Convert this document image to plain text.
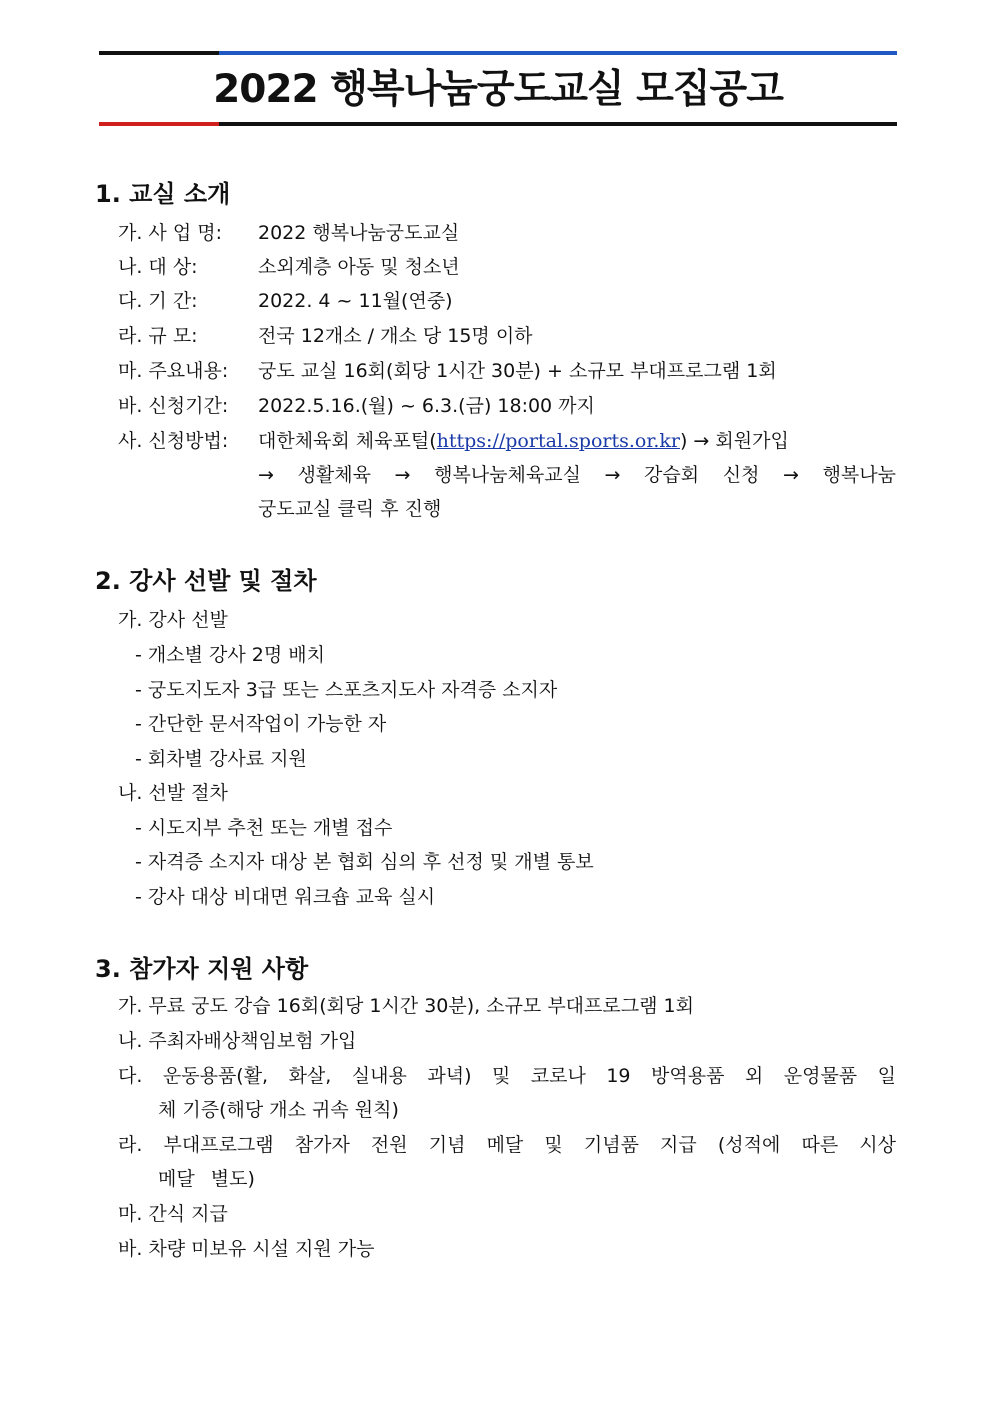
2022 행복나눔궁도교실 모집공고
1. 교실 소개
가. 사 업 명: 2022 행복나눔궁도교실
나. 대 상:	소외계층 아동 및 청소년
다. 기 간:	2022. 4 ~ 11월(연중)
라. 규 모:	전국 12개소 / 개소 당 15명 이하
마. 주요내용: 궁도 교실 16회(회당 1시간 30분) + 소규모 부대프로그램 1회
바. 신청기간: 2022.5.16.(월) ~ 6.3.(금) 18:00 까지
사. 신청방법: 대한체육회 체육포털(https://portal.sports.or.kr) → 회원가입
→ 생활체육 → 행복나눔체육교실 → 강습회 신청 → 행복나눔
궁도교실 클릭 후 진행
2. 강사 선발 및 절차
가. 강사 선발
- 개소별 강사 2명 배치
- 궁도지도자 3급 또는 스포츠지도사 자격증 소지자
- 간단한 문서작업이 가능한 자
- 회차별 강사료 지원
나. 선발 절차
- 시도지부 추천 또는 개별 접수
- 자격증 소지자 대상 본 협회 심의 후 선정 및 개별 통보
- 강사 대상 비대면 워크숍 교육 실시
3. 참가자 지원 사항
가. 무료 궁도 강습 16회(회당 1시간 30분), 소규모 부대프로그램 1회
나. 주최자배상책임보험 가입
다. 운동용품(활, 화살, 실내용 과녁) 및 코로나 19 방역용품 외 운영물품 일
체 기증(해당 개소 귀속 원칙)
라. 부대프로그램 참가자 전원 기념 메달 및 기념품 지급 (성적에 따른 시상
메달 별도)
마. 간식 지급
바. 차량 미보유 시설 지원 가능
